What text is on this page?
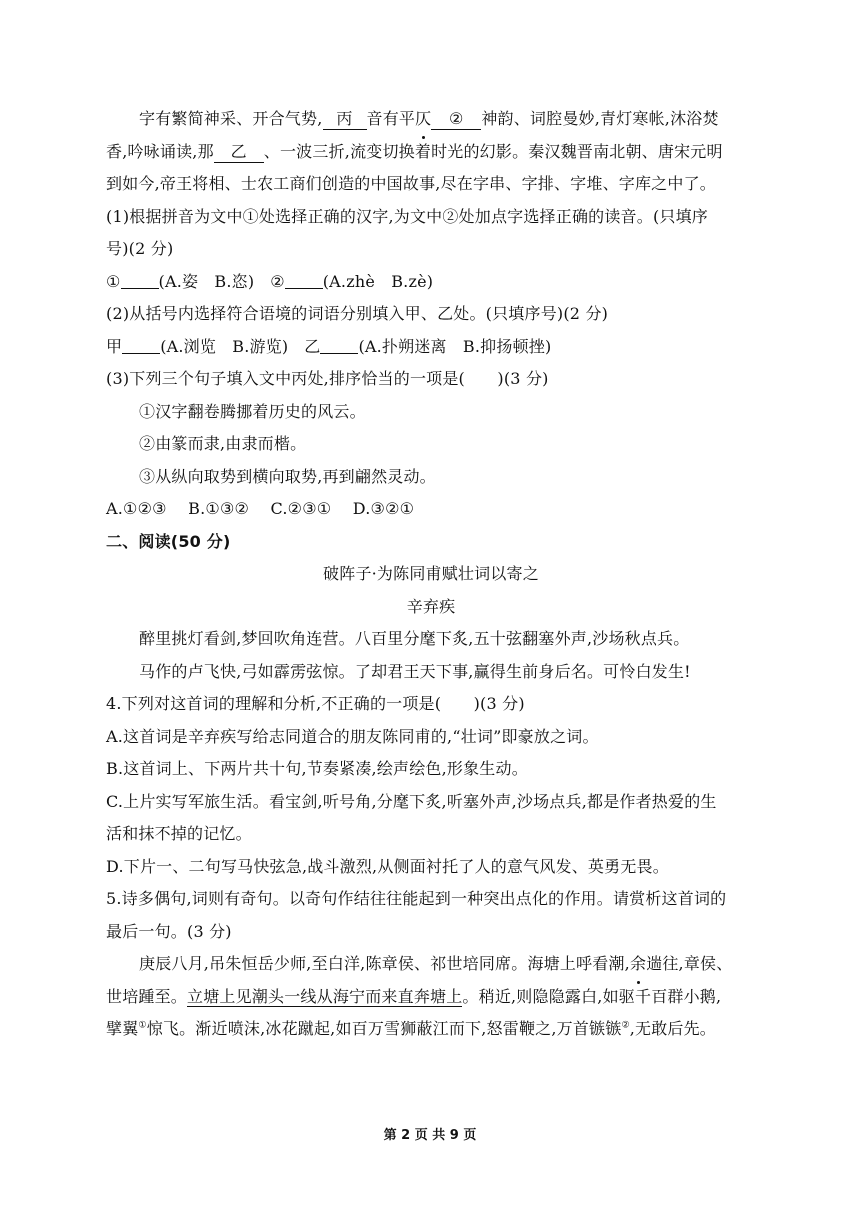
字有繁简神采、开合气势, 丙 音有平仄 ② 神韵、词腔曼妙,青灯寒帐,沐浴焚
香,吟咏诵读,那 乙 、一波三折,流变切换着时光的幻影。秦汉魏晋南北朝、唐宋元明
到如今,帝王将相、士农工商们创造的中国故事,尽在字串、字排、字堆、字库之中了。
(1)根据拼音为文中①处选择正确的汉字,为文中②处加点字选择正确的读音。(只填序
号)(2 分)
① (A.姿　B.恣) ② (A.zhè　B.zè)
(2)从括号内选择符合语境的词语分别填入甲、乙处。(只填序号)(2 分)
甲 (A.浏览　B.游览) 乙 (A.扑朔迷离　B.抑扬顿挫)
(3)下列三个句子填入文中丙处,排序恰当的一项是(　　)(3 分)
①汉字翻卷腾挪着历史的风云。
②由篆而隶,由隶而楷。
③从纵向取势到横向取势,再到翩然灵动。
A.①②③　 B.①③②　 C.②③①　 D.③②①
二、阅读(50 分)
破阵子·为陈同甫赋壮词以寄之
辛弃疾
醉里挑灯看剑,梦回吹角连营。八百里分麾下炙,五十弦翻塞外声,沙场秋点兵。
马作的卢飞快,弓如霹雳弦惊。了却君王天下事,赢得生前身后名。可怜白发生!
4.下列对这首词的理解和分析,不正确的一项是(　　)(3 分)
A.这首词是辛弃疾写给志同道合的朋友陈同甫的,“壮词”即豪放之词。
B.这首词上、下两片共十句,节奏紧凑,绘声绘色,形象生动。
C.上片实写军旅生活。看宝剑,听号角,分麾下炙,听塞外声,沙场点兵,都是作者热爱的生
活和抹不掉的记忆。
D.下片一、二句写马快弦急,战斗激烈,从侧面衬托了人的意气风发、英勇无畏。
5.诗多偶句,词则有奇句。以奇句作结往往能起到一种突出点化的作用。请赏析这首词的
最后一句。(3 分)
庚辰八月,吊朱恒岳少师,至白洋,陈章侯、祁世培同席。海塘上呼看潮,余遄往,章侯、
世培踵至。立塘上见潮头一线从海宁而来直奔塘上。稍近,则隐隐露白,如驱千百群小鹅,
擘翼①惊飞。渐近喷沫,冰花蹴起,如百万雪狮蔽江而下,怒雷鞭之,万首镞镞②,无敢后先。
第 2 页 共 9 页
